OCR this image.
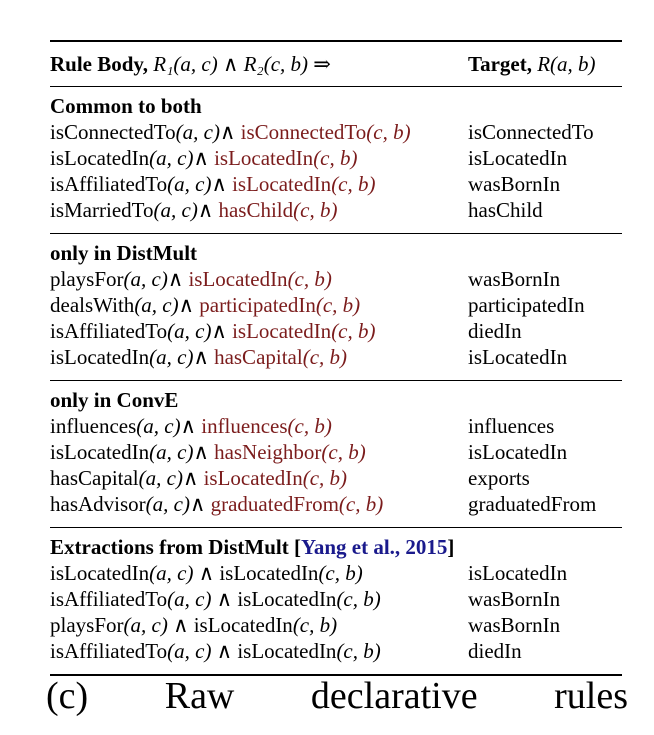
Rule Body, R₁(a, c) ∧ R₂(c, b) ⇒	Target, R(a, b)
Common to both
isConnectedTo(a, c)∧ isConnectedTo(c, b)	isConnectedTo
isLocatedIn(a, c)∧ isLocatedIn(c, b)	isLocatedIn
isAffiliatedTo(a, c)∧ isLocatedIn(c, b)	wasBornIn
isMarriedTo(a, c)∧ hasChild(c, b)	hasChild
only in DistMult
playsFor(a, c)∧ isLocatedIn(c, b)	wasBornIn
dealsWith(a, c)∧ participatedIn(c, b)	participatedIn
isAffiliatedTo(a, c)∧ isLocatedIn(c, b)	diedIn
isLocatedIn(a, c)∧ hasCapital(c, b)	isLocatedIn
only in ConvE
influences(a, c)∧ influences(c, b)	influences
isLocatedIn(a, c)∧ hasNeighbor(c, b)	isLocatedIn
hasCapital(a, c)∧ isLocatedIn(c, b)	exports
hasAdvisor(a, c)∧ graduatedFrom(c, b)	graduatedFrom
Extractions from DistMult [Yang et al., 2015]
isLocatedIn(a, c) ∧ isLocatedIn(c, b)	isLocatedIn
isAffiliatedTo(a, c) ∧ isLocatedIn(c, b)	wasBornIn
playsFor(a, c) ∧ isLocatedIn(c, b)	wasBornIn
isAffiliatedTo(a, c) ∧ isLocatedIn(c, b)	diedIn
(c) Raw declarative rules
